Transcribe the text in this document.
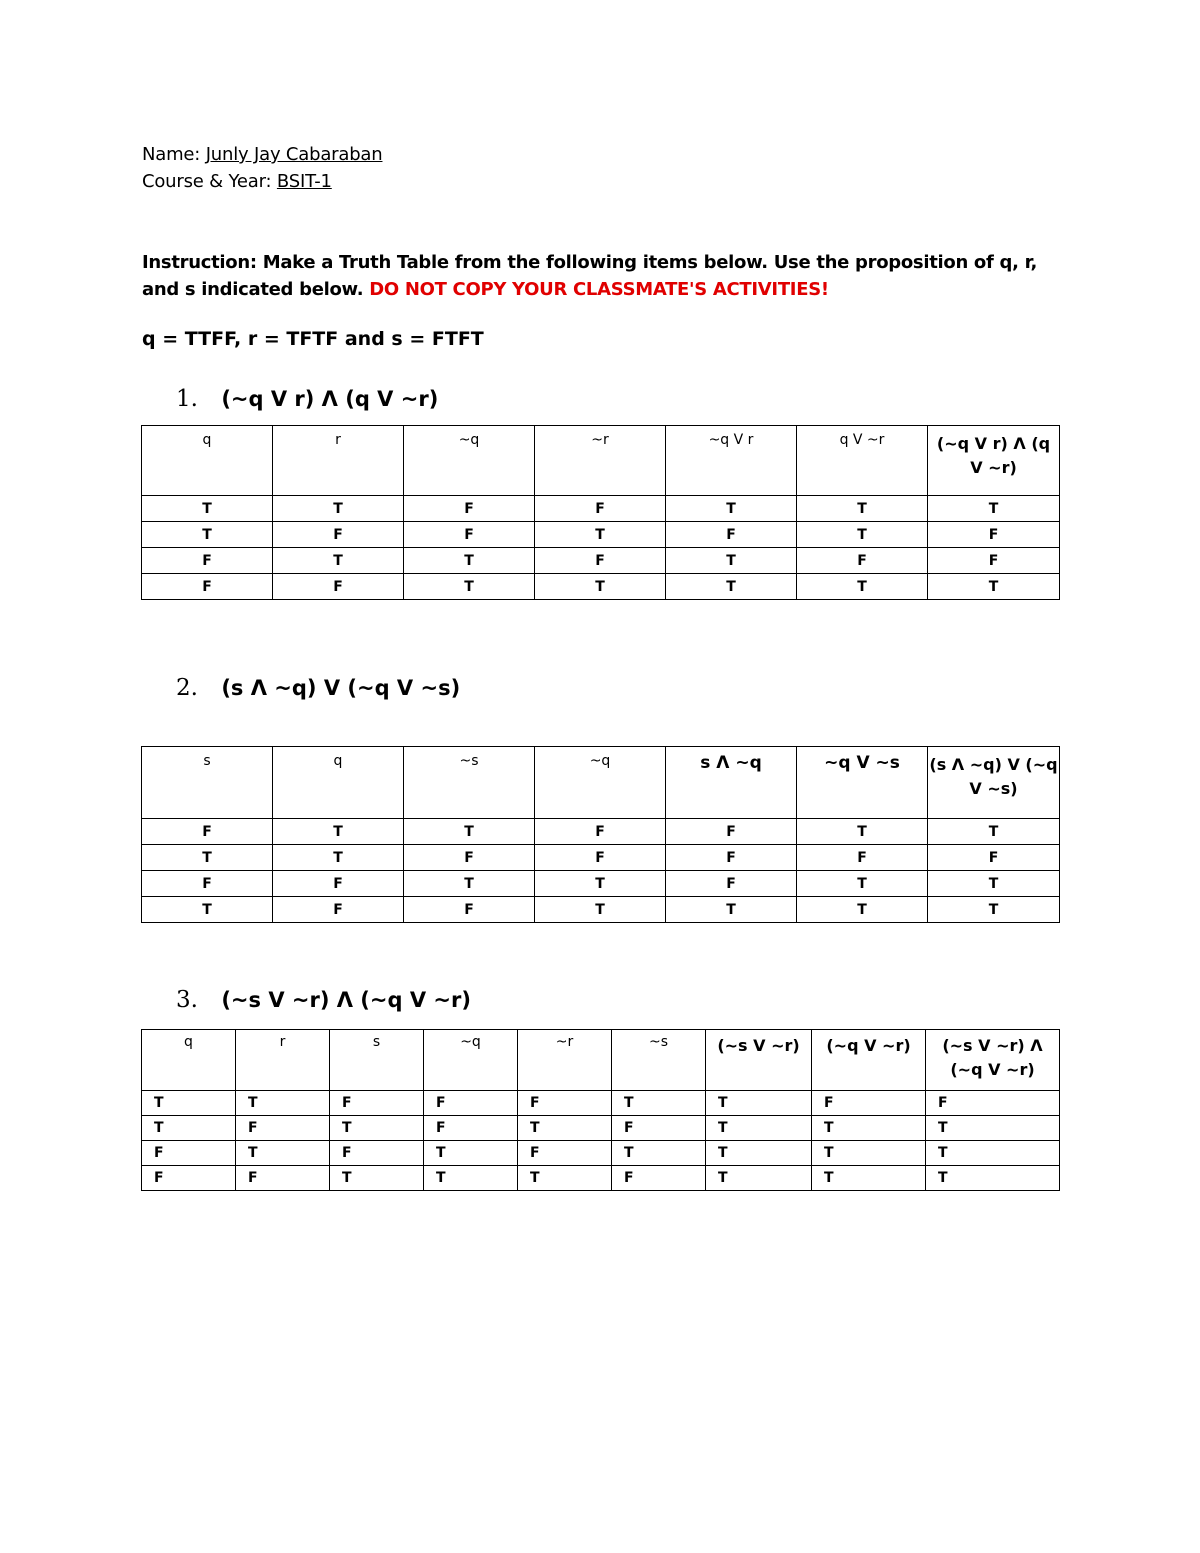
Name: Junly Jay Cabaraban
Course & Year: BSIT-1
Instruction: Make a Truth Table from the following items below. Use the proposition of q, r, and s indicated below. DO NOT COPY YOUR CLASSMATE'S ACTIVITIES!
q = TTFF, r = TFTF and s = FTFT
1. (~q V r) Λ (q V ~r)
q	r	~q	~r	~q V r	q V ~r	(~q V r) Λ (q V ~r)
T	T	F	F	T	T	T
T	F	F	T	F	T	F
F	T	T	F	T	F	F
F	F	T	T	T	T	T
2. (s Λ ~q) V (~q V ~s)
s	q	~s	~q	s Λ ~q	~q V ~s	(s Λ ~q) V (~q V ~s)
F	T	T	F	F	T	T
T	T	F	F	F	F	F
F	F	T	T	F	T	T
T	F	F	T	T	T	T
3. (~s V ~r) Λ (~q V ~r)
q	r	s	~q	~r	~s	(~s V ~r)	(~q V ~r)	(~s V ~r) Λ (~q V ~r)
T	T	F	F	F	T	T	F	F
T	F	T	F	T	F	T	T	T
F	T	F	T	F	T	T	T	T
F	F	T	T	T	F	T	T	T
